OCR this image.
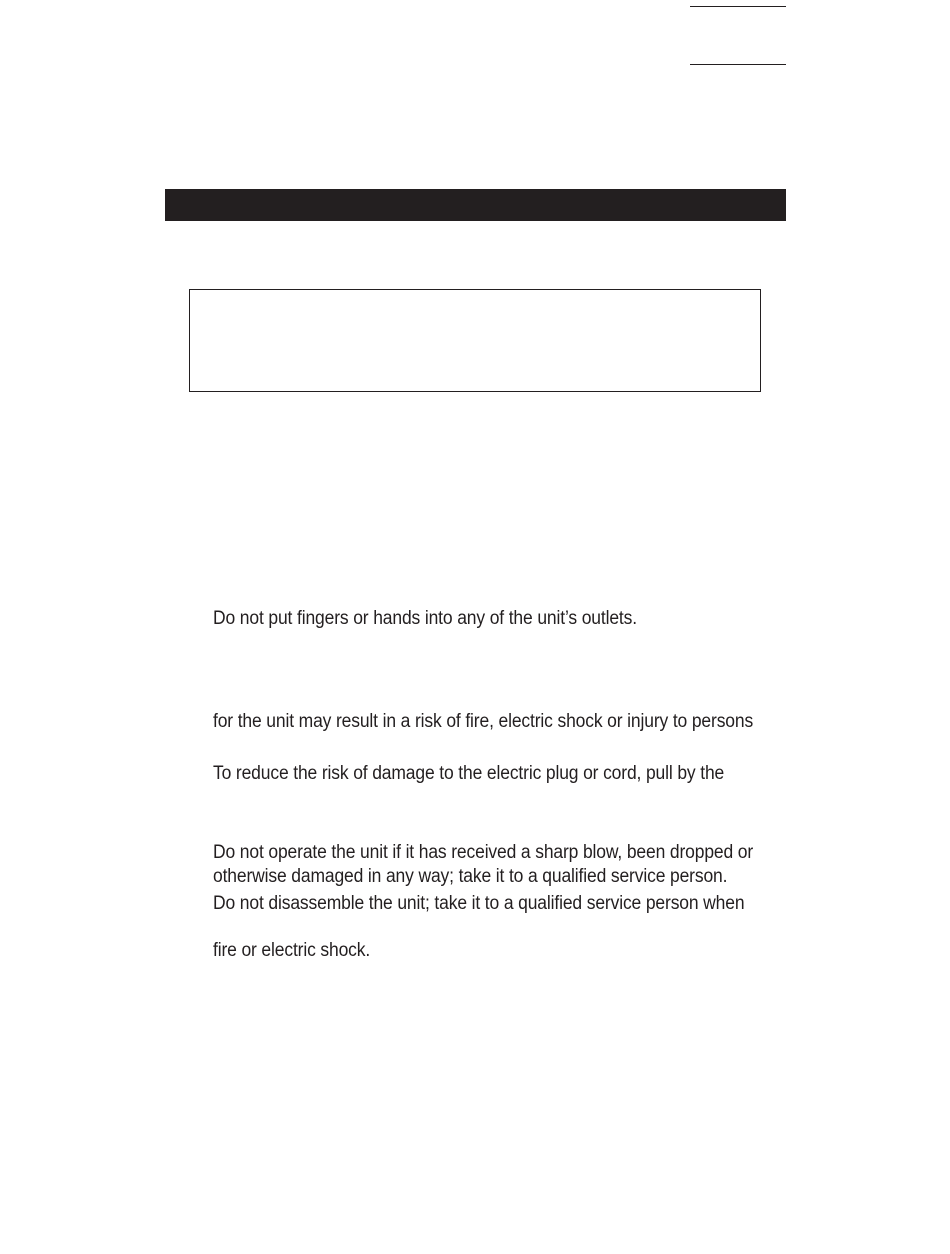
Do not put fingers or hands into any of the unit’s outlets.
for the unit may result in a risk of fire, electric shock or injury to persons
To reduce the risk of damage to the electric plug or cord, pull by the
Do not operate the unit if it has received a sharp blow, been dropped or
otherwise damaged in any way; take it to a qualified service person.
Do not disassemble the unit; take it to a qualified service person when
fire or electric shock.
